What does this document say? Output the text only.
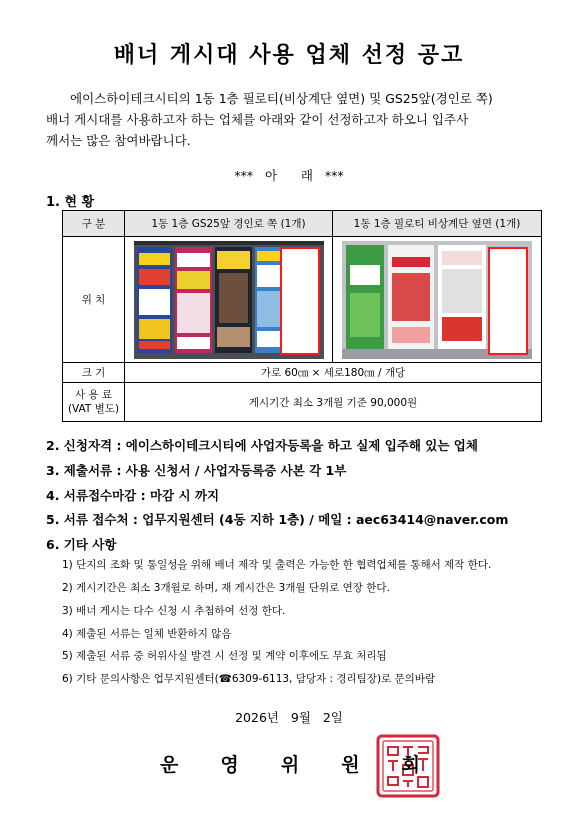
배너 게시대 사용 업체 선정 공고
에이스하이테크시티의 1동 1층 필로티(비상계단 옆면) 및 GS25앞(경인로 쪽)
배너 게시대를 사용하고자 하는 업체를 아래와 같이 선정하고자 하오니 입주사
께서는 많은 참여바랍니다.
***   아      래   ***
1. 현 황
구 분	1동 1층 GS25앞 경인로 쪽 (1개)	1동 1층 필로티 비상계단 옆면 (1개)
위 치	

크 기	가로 60㎝ × 세로180㎝ / 개당	
사 용 료
(VAT 별도)	게시기간 최소 3개월 기준 90,000원	
2. 신청자격 : 에이스하이테크시티에 사업자등록을 하고 실제 입주해 있는 업체
3. 제출서류 : 사용 신청서 / 사업자등록증 사본 각 1부
4. 서류접수마감 : 마감 시 까지
5. 서류 접수처 : 업무지원센터 (4동 지하 1층) / 메일 : aec63414@naver.com
6. 기타 사항
1) 단지의 조화 및 통일성을 위해 배너 제작 및 출력은 가능한 한 협력업체를 통해서 제작 한다.
2) 게시기간은 최소 3개월로 하며, 재 게시간은 3개월 단위로 연장 한다.
3) 배너 게시는 다수 신청 시 추첨하여 선정 한다.
4) 제출된 서류는 일체 반환하지 않음
5) 제출된 서류 중 허위사실 발견 시 선정 및 계약 이후에도 무효 처리됨
6) 기타 문의사항은 업무지원센터(☎6309-6113, 담당자 : 경리팀장)로 문의바람
2026년   9월   2일
운 영 위 원 회
